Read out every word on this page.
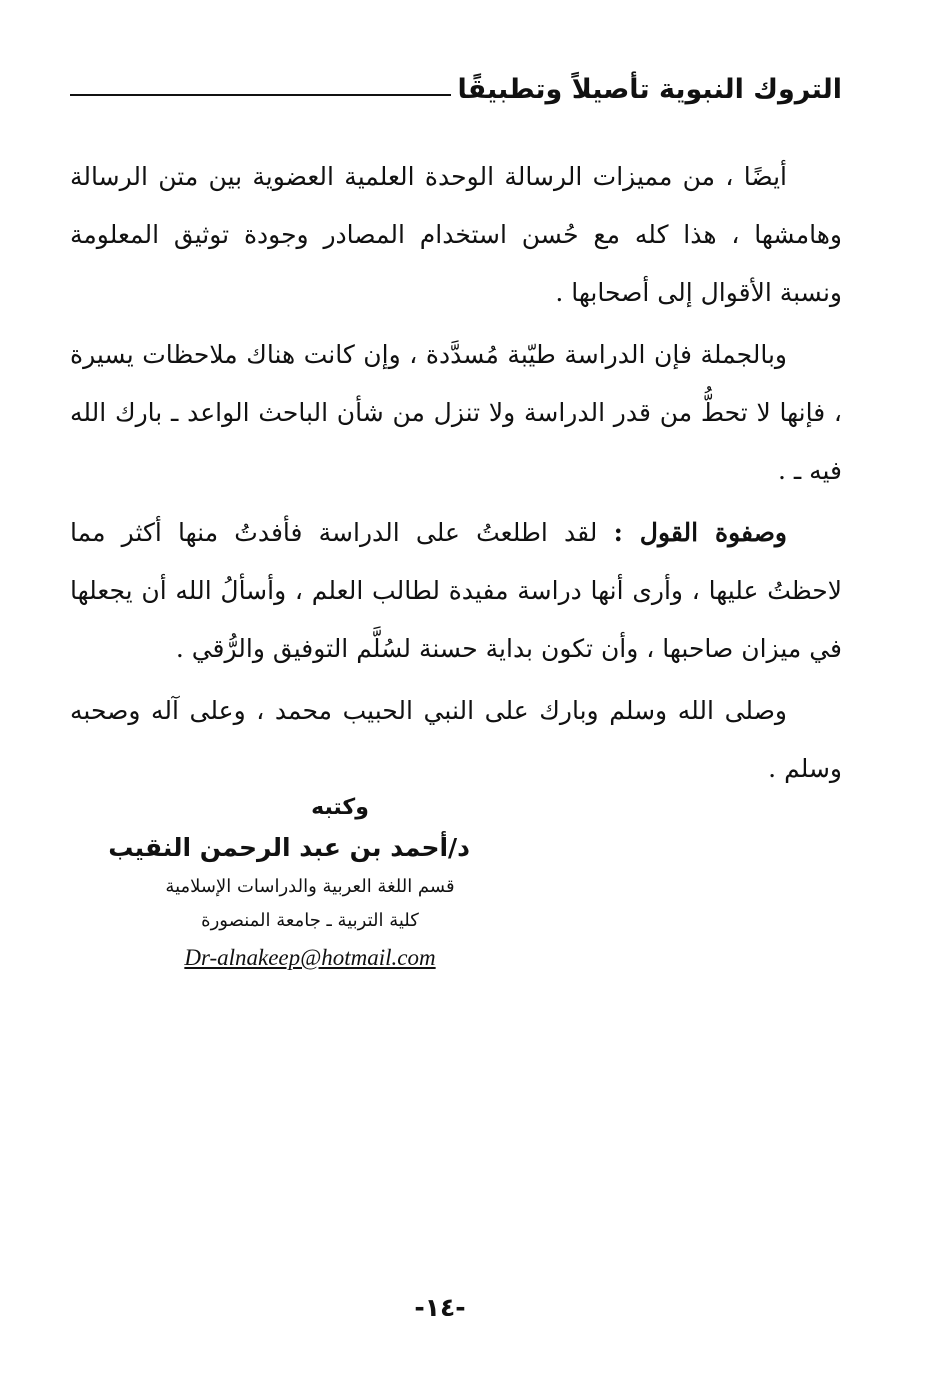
التروك النبوية تأصيلاً وتطبيقًا

أيضًا ، من مميزات الرسالة الوحدة العلمية العضوية بين متن الرسالة وهامشها ، هذا كله مع حُسن استخدام المصادر وجودة توثيق المعلومة ونسبة الأقوال إلى أصحابها .

وبالجملة فإن الدراسة طيّبة مُسدَّدة ، وإن كانت هناك ملاحظات يسيرة ، فإنها لا تحطُّ من قدر الدراسة ولا تنزل من شأن الباحث الواعد ـ بارك الله فيه ـ .

وصفوة القول : لقد اطلعتُ على الدراسة فأفدتُ منها أكثر مما لاحظتُ عليها ، وأرى أنها دراسة مفيدة لطالب العلم ، وأسألُ الله أن يجعلها في ميزان صاحبها ، وأن تكون بداية حسنة لسُلَّم التوفيق والرُّقي .

وصلى الله وسلم وبارك على النبي الحبيب محمد ، وعلى آله وصحبه وسلم .

وكتبه
د/أحمد بن عبد الرحمن النقيب
قسم اللغة العربية والدراسات الإسلامية
كلية التربية ـ جامعة المنصورة
Dr-alnakeep@hotmail.com
-١٤-
